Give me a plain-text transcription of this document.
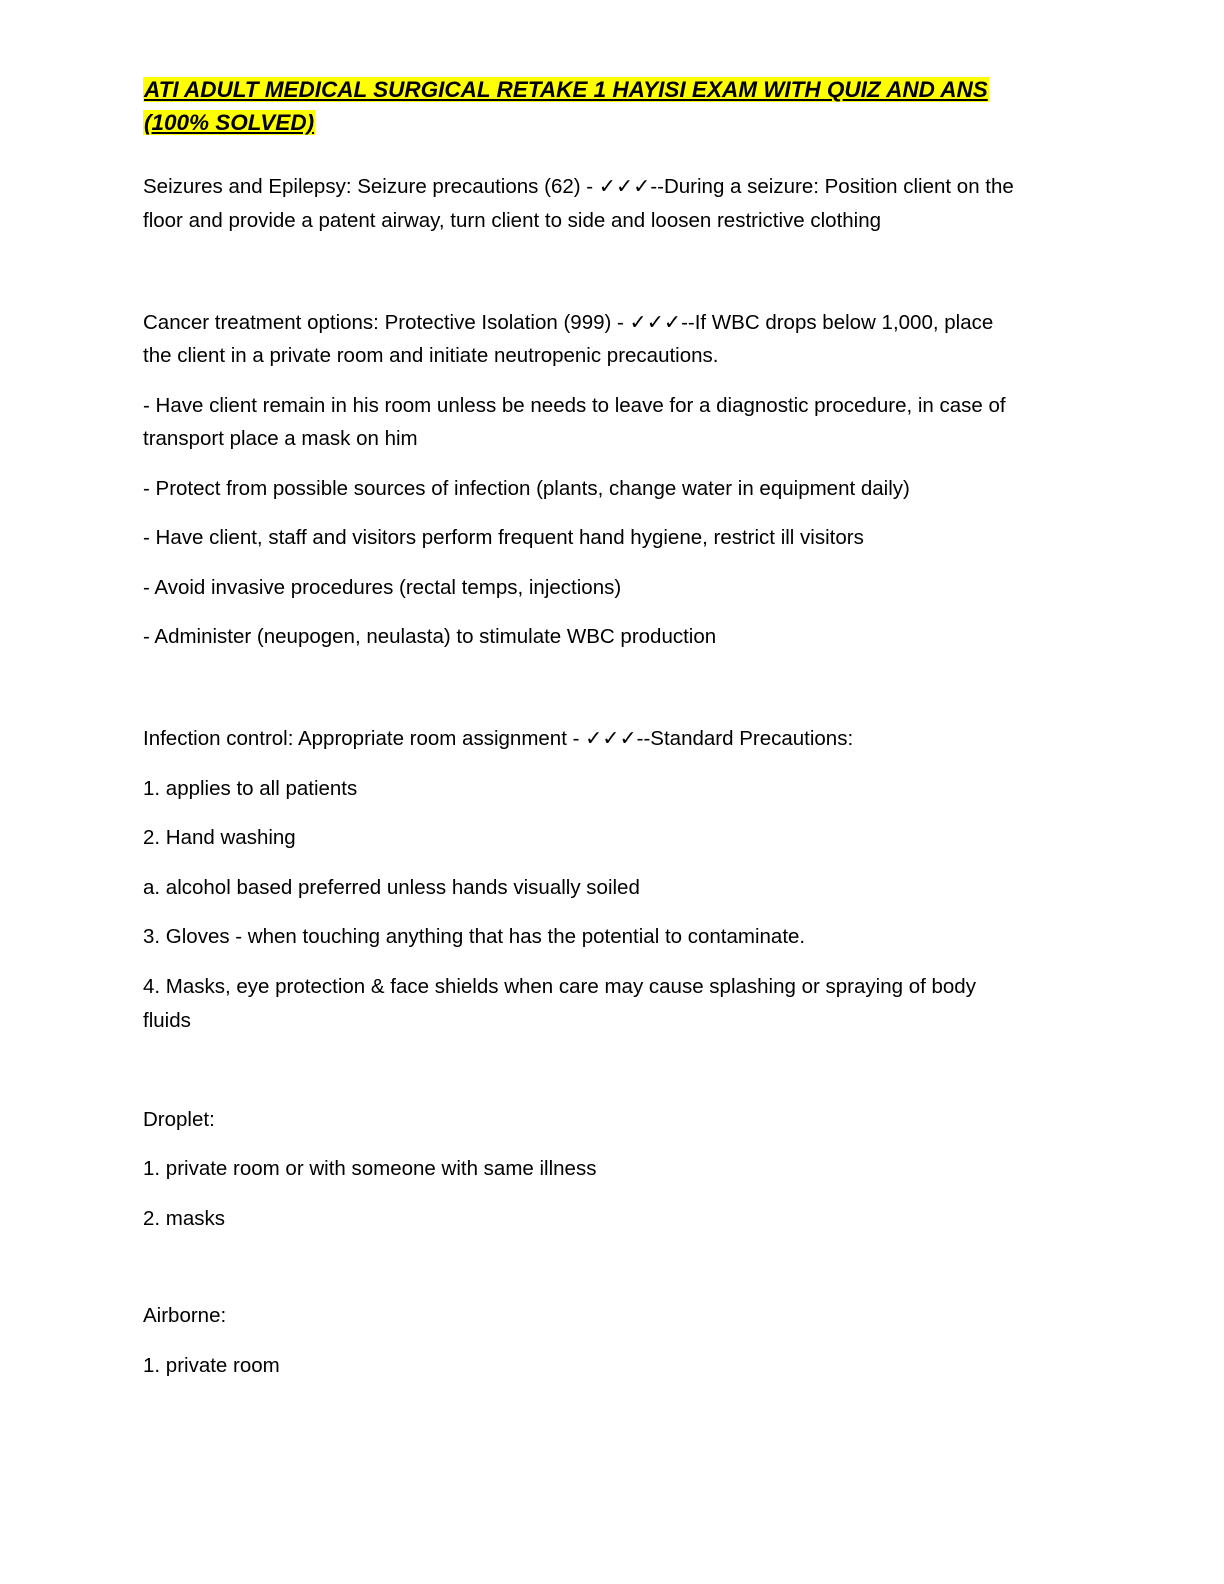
ATI ADULT MEDICAL SURGICAL RETAKE 1 HAYISI EXAM WITH QUIZ AND ANS
(100% SOLVED)
Seizures and Epilepsy: Seizure precautions (62) - ✓✓✓--During a seizure: Position client on the
floor and provide a patent airway, turn client to side and loosen restrictive clothing
Cancer treatment options: Protective Isolation (999) - ✓✓✓--If WBC drops below 1,000, place
the client in a private room and initiate neutropenic precautions.
- Have client remain in his room unless be needs to leave for a diagnostic procedure, in case of
transport place a mask on him
- Protect from possible sources of infection (plants, change water in equipment daily)
- Have client, staff and visitors perform frequent hand hygiene, restrict ill visitors
- Avoid invasive procedures (rectal temps, injections)
- Administer (neupogen, neulasta) to stimulate WBC production
Infection control: Appropriate room assignment - ✓✓✓--Standard Precautions:
1. applies to all patients
2. Hand washing
a. alcohol based preferred unless hands visually soiled
3. Gloves - when touching anything that has the potential to contaminate.
4. Masks, eye protection & face shields when care may cause splashing or spraying of body
fluids
Droplet:
1. private room or with someone with same illness
2. masks
Airborne:
1. private room
